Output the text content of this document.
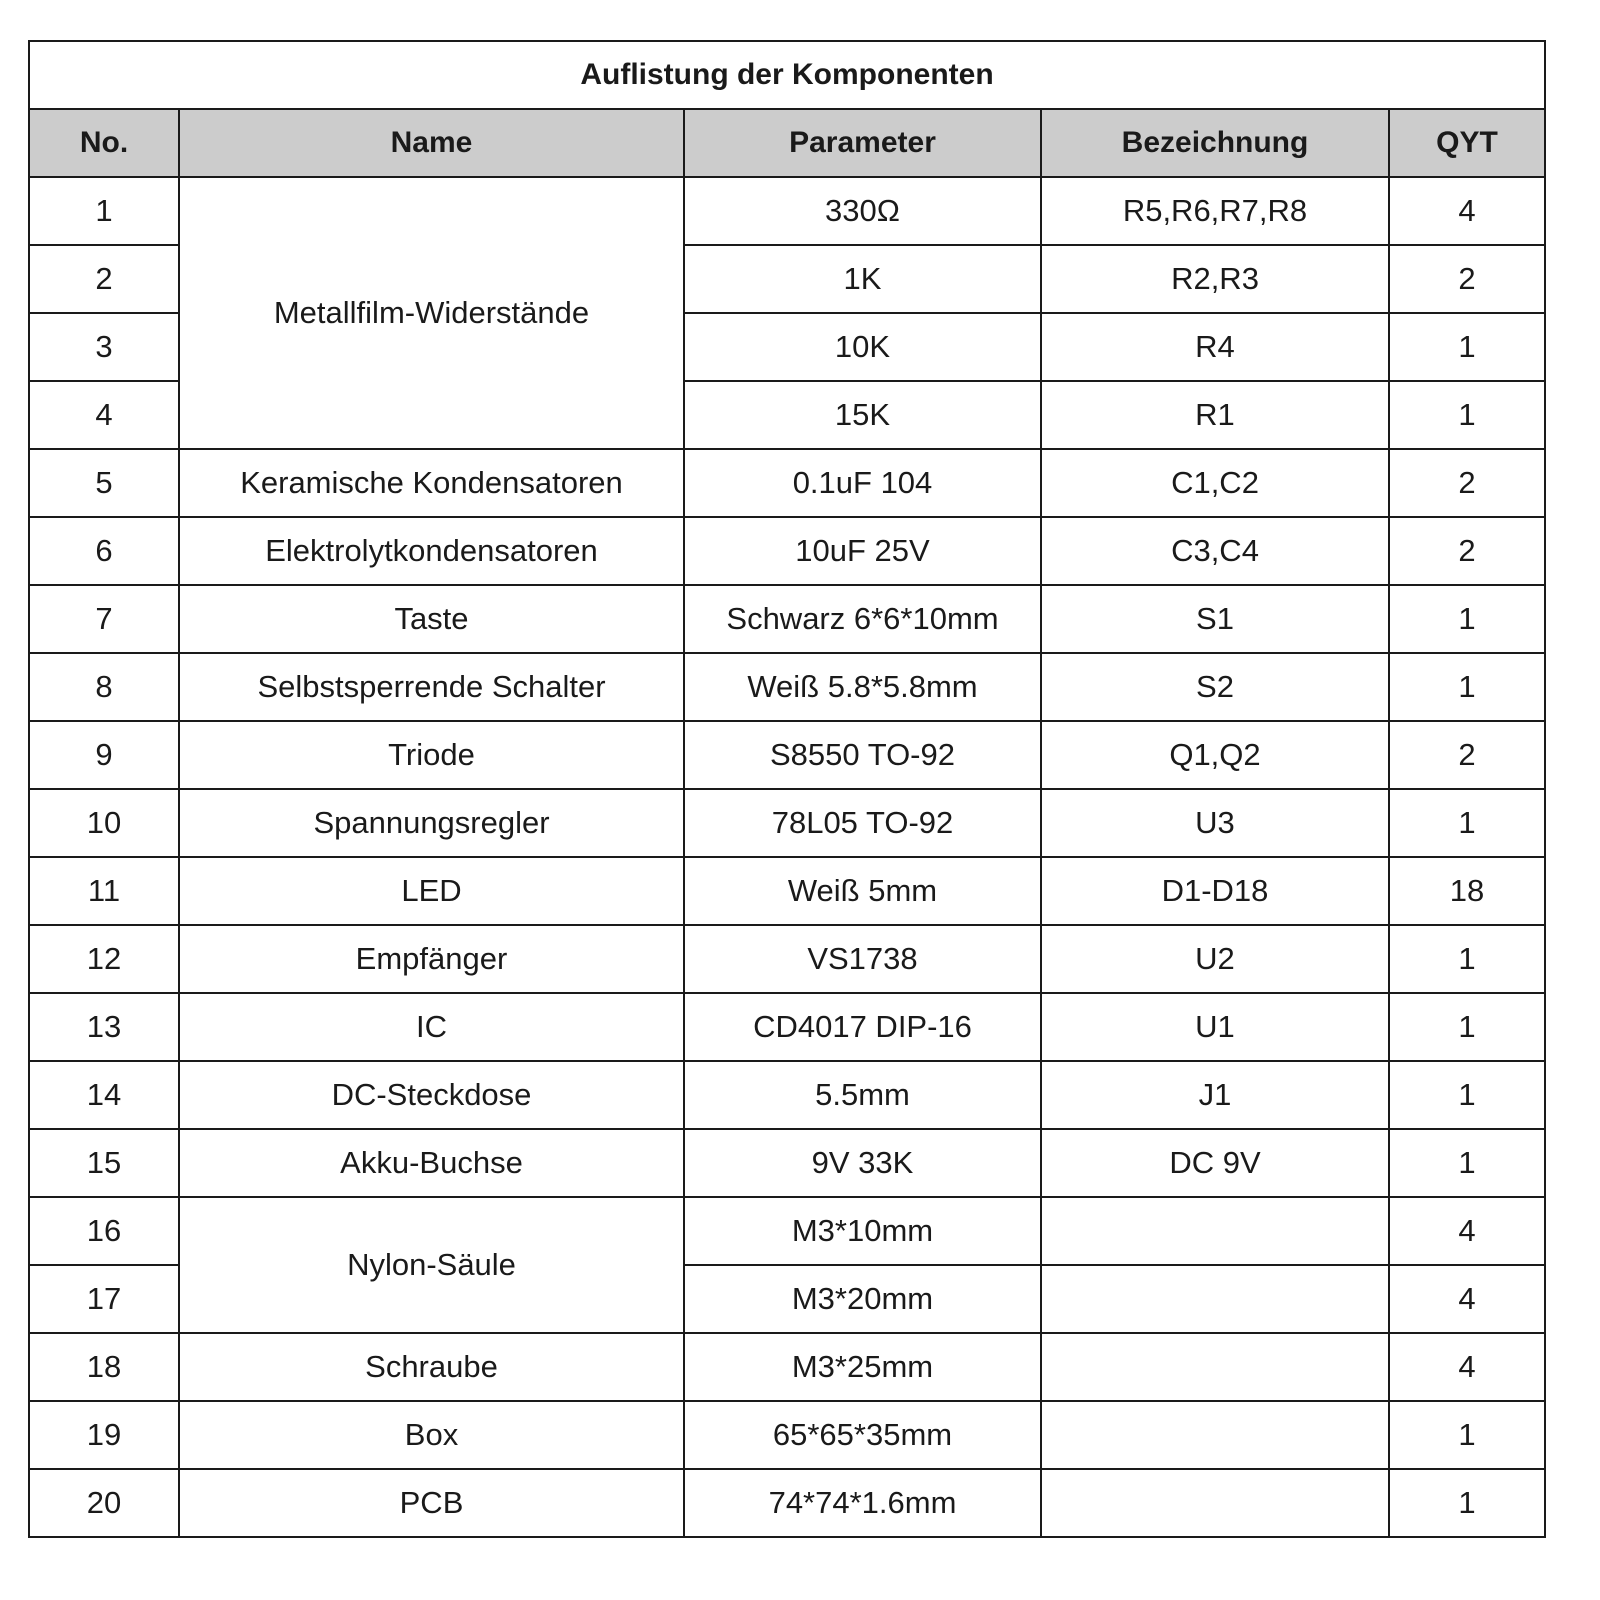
Auflistung der Komponenten				
No.	Name	Parameter	Bezeichnung	QYT
1	Metallfilm-Widerstände	330Ω	R5,R6,R7,R8	4
2		1K	R2,R3	2
3		10K	R4	1
4		15K	R1	1
5	Keramische Kondensatoren	0.1uF 104	C1,C2	2
6	Elektrolytkondensatoren	10uF 25V	C3,C4	2
7	Taste	Schwarz 6*6*10mm	S1	1
8	Selbstsperrende Schalter	Weiß 5.8*5.8mm	S2	1
9	Triode	S8550 TO-92	Q1,Q2	2
10	Spannungsregler	78L05 TO-92	U3	1
11	LED	Weiß 5mm	D1-D18	18
12	Empfänger	VS1738	U2	1
13	IC	CD4017 DIP-16	U1	1
14	DC-Steckdose	5.5mm	J1	1
15	Akku-Buchse	9V 33K	DC 9V	1
16	Nylon-Säule	M3*10mm		4
17		M3*20mm		4
18	Schraube	M3*25mm		4
19	Box	65*65*35mm		1
20	PCB	74*74*1.6mm		1
